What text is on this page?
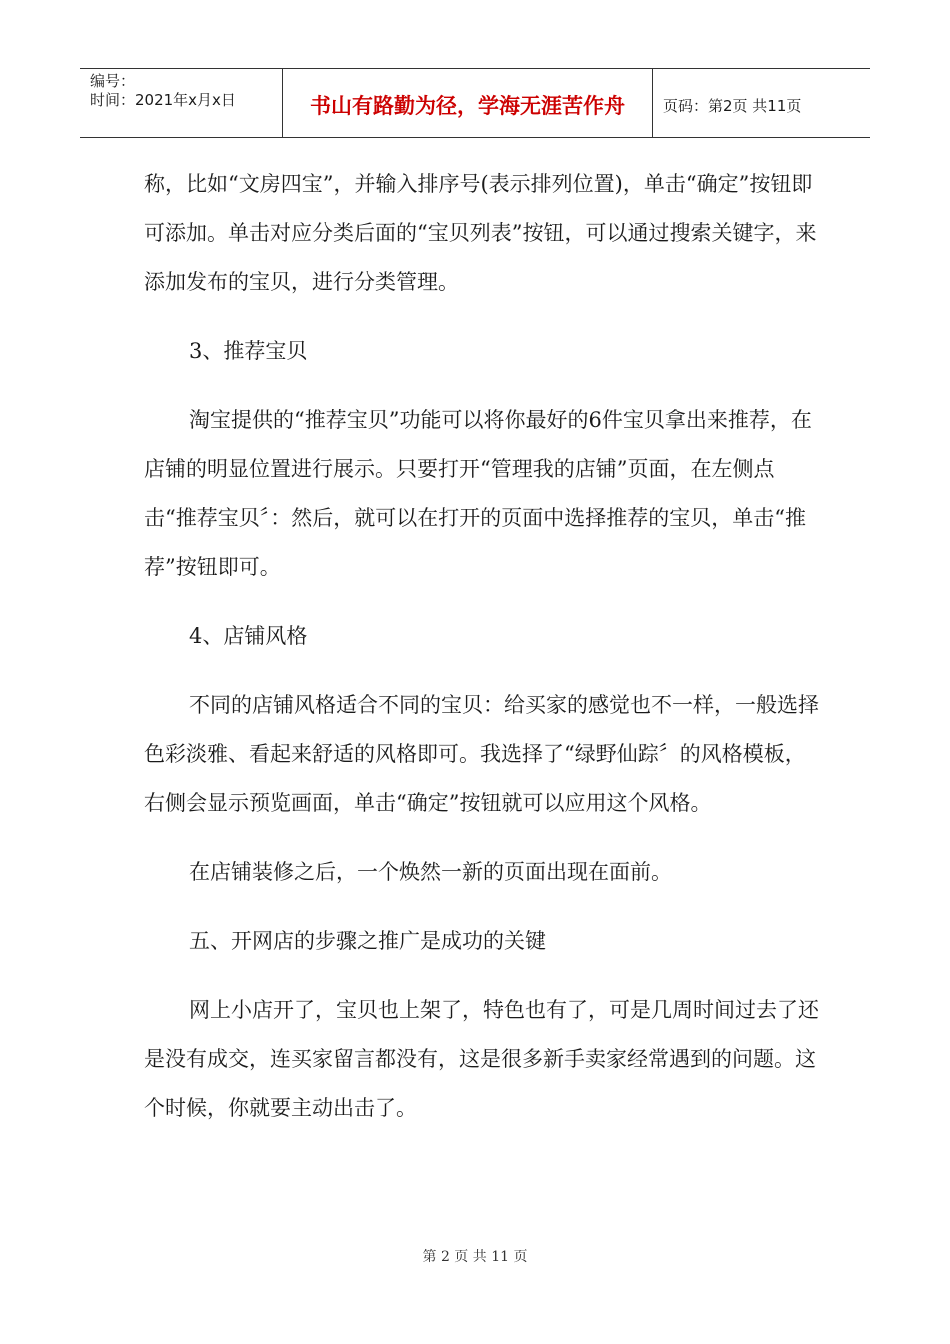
编号：
时间：2021年x月x日	书山有路勤为径，学海无涯苦作舟	页码：第2页 共11页

称，比如“文房四宝”，并输入排序号(表示排列位置)，单击“确定”按钮即可添加。单击对应分类后面的“宝贝列表”按钮，可以通过搜索关键字，来添加发布的宝贝，进行分类管理。

3、推荐宝贝

淘宝提供的“推荐宝贝”功能可以将你最好的6件宝贝拿出来推荐，在店铺的明显位置进行展示。只要打开“管理我的店铺”页面，在左侧点击“推荐宝贝〞：然后，就可以在打开的页面中选择推荐的宝贝，单击“推荐”按钮即可。

4、店铺风格

不同的店铺风格适合不同的宝贝：给买家的感觉也不一样，一般选择色彩淡雅、看起来舒适的风格即可。我选择了“绿野仙踪〞的风格模板，右侧会显示预览画面，单击“确定”按钮就可以应用这个风格。

在店铺装修之后，一个焕然一新的页面出现在面前。

五、开网店的步骤之推广是成功的关键

网上小店开了，宝贝也上架了，特色也有了，可是几周时间过去了还是没有成交，连买家留言都没有，这是很多新手卖家经常遇到的问题。这个时候，你就要主动出击了。

第 2 页 共 11 页
